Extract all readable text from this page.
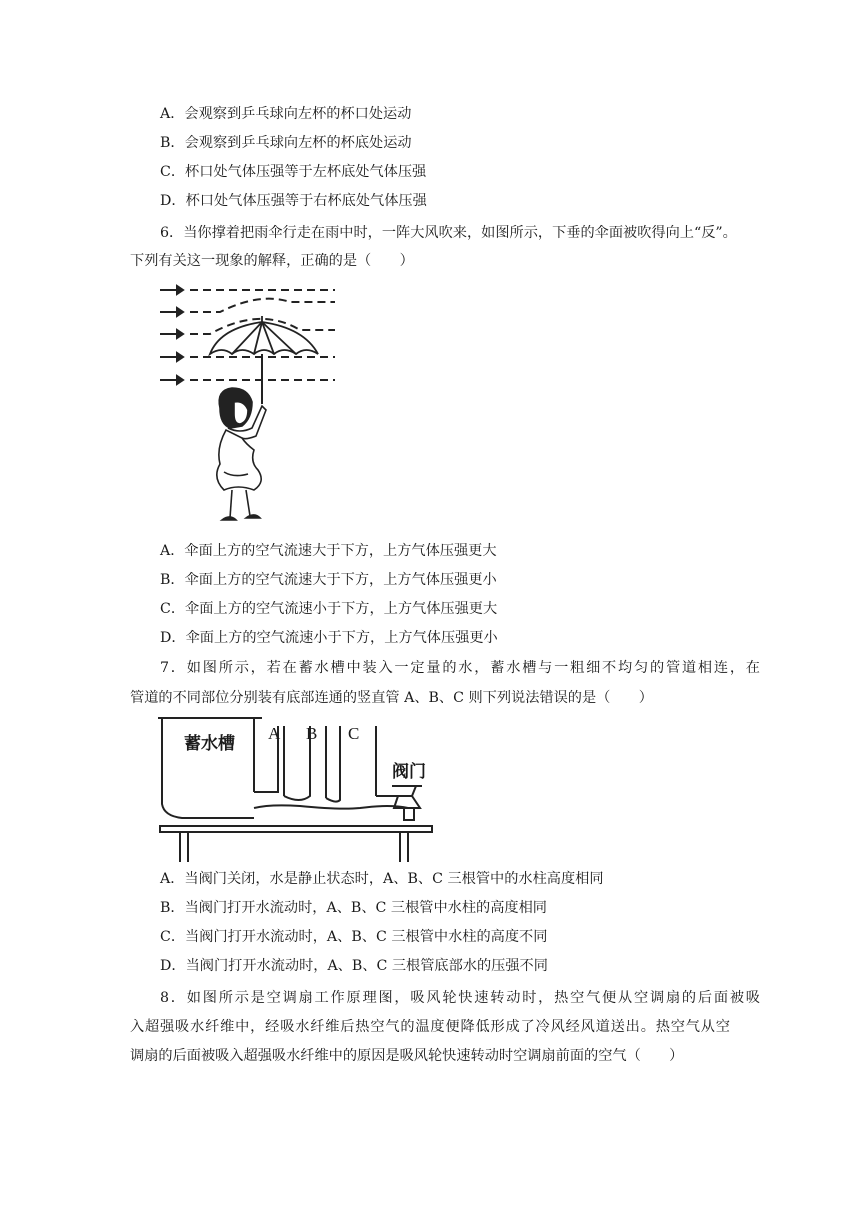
A．会观察到乒乓球向左杯的杯口处运动
B．会观察到乒乓球向左杯的杯底处运动
C．杯口处气体压强等于左杯底处气体压强
D．杯口处气体压强等于右杯底处气体压强
6．当你撑着把雨伞行走在雨中时，一阵大风吹来，如图所示，下垂的伞面被吹得向上“反”。
下列有关这一现象的解释，正确的是（　　）
A．伞面上方的空气流速大于下方，上方气体压强更大
B．伞面上方的空气流速大于下方，上方气体压强更小
C．伞面上方的空气流速小于下方，上方气体压强更大
D．伞面上方的空气流速小于下方，上方气体压强更小
7．如图所示，若在蓄水槽中装入一定量的水，蓄水槽与一粗细不均匀的管道相连，在
管道的不同部位分别装有底部连通的竖直管 A、B、C 则下列说法错误的是（　　）
蓄水槽
A B C
阀门
A．当阀门关闭，水是静止状态时，A、B、C 三根管中的水柱高度相同
B．当阀门打开水流动时，A、B、C 三根管中水柱的高度相同
C．当阀门打开水流动时，A、B、C 三根管中水柱的高度不同
D．当阀门打开水流动时，A、B、C 三根管底部水的压强不同
8．如图所示是空调扇工作原理图，吸风轮快速转动时，热空气便从空调扇的后面被吸
入超强吸水纤维中，经吸水纤维后热空气的温度便降低形成了冷风经风道送出。热空气从空
调扇的后面被吸入超强吸水纤维中的原因是吸风轮快速转动时空调扇前面的空气（　　）
